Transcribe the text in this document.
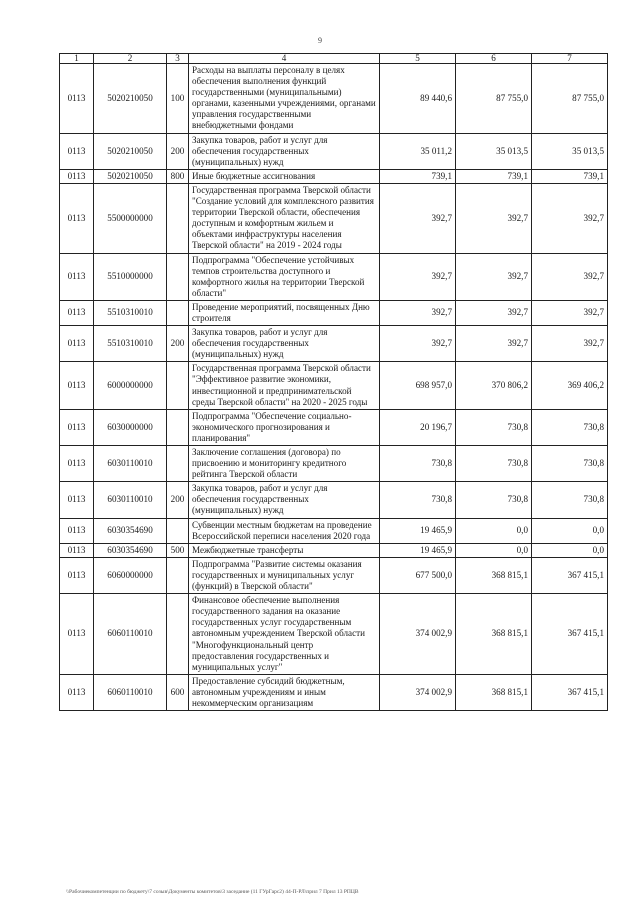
9
1	2	3	4	5	6	7
0113	5020210050	100	Расходы на выплаты персоналу в целях обеспечения выполнения функций государственными (муниципальными) органами, казенными учреждениями, органами управления государственными внебюджетными фондами	89 440,6	87 755,0	87 755,0
0113	5020210050	200	Закупка товаров, работ и услуг для обеспечения государственных (муниципальных) нужд	35 011,2	35 013,5	35 013,5
0113	5020210050	800	Иные бюджетные ассигнования	739,1	739,1	739,1
0113	5500000000		Государственная программа Тверской области "Создание условий для комплексного развития территории Тверской области, обеспечения доступным и комфортным жильем и объектами инфраструктуры населения Тверской области" на 2019 - 2024 годы	392,7	392,7	392,7
0113	5510000000		Подпрограмма "Обеспечение устойчивых темпов строительства доступного и комфортного жилья на территории Тверской области"	392,7	392,7	392,7
0113	5510310010		Проведение мероприятий, посвященных Дню строителя	392,7	392,7	392,7
0113	5510310010	200	Закупка товаров, работ и услуг для обеспечения государственных (муниципальных) нужд	392,7	392,7	392,7
0113	6000000000		Государственная программа Тверской области "Эффективное развитие экономики, инвестиционной и предпринимательской среды Тверской области" на 2020 - 2025 годы	698 957,0	370 806,2	369 406,2
0113	6030000000		Подпрограмма "Обеспечение социально-экономического прогнозирования и планирования"	20 196,7	730,8	730,8
0113	6030110010		Заключение соглашения (договора) по присвоению и мониторингу кредитного рейтинга Тверской области	730,8	730,8	730,8
0113	6030110010	200	Закупка товаров, работ и услуг для обеспечения государственных (муниципальных) нужд	730,8	730,8	730,8
0113	6030354690		Субвенции местным бюджетам на проведение Всероссийской переписи населения 2020 года	19 465,9	0,0	0,0
0113	6030354690	500	Межбюджетные трансферты	19 465,9	0,0	0,0
0113	6060000000		Подпрограмма "Развитие системы оказания государственных и муниципальных услуг (функций) в Тверской области"	677 500,0	368 815,1	367 415,1
0113	6060110010		Финансовое обеспечение выполнения государственного задания на оказание государственных услуг государственным автономным учреждением Тверской области "Многофункциональный центр предоставления государственных и муниципальных услуг"	374 002,9	368 815,1	367 415,1
0113	6060110010	600	Предоставление субсидий бюджетным, автономным учреждениям и иным некоммерческим организациям	374 002,9	368 815,1	367 415,1
\\Рабочиекомпетенции по бюджету\7 созыв\Документы комитетов\3 заседание (11 ГУрГарс2) 44-П-РЛ\прил 7 Прил 13 РПЦВ
